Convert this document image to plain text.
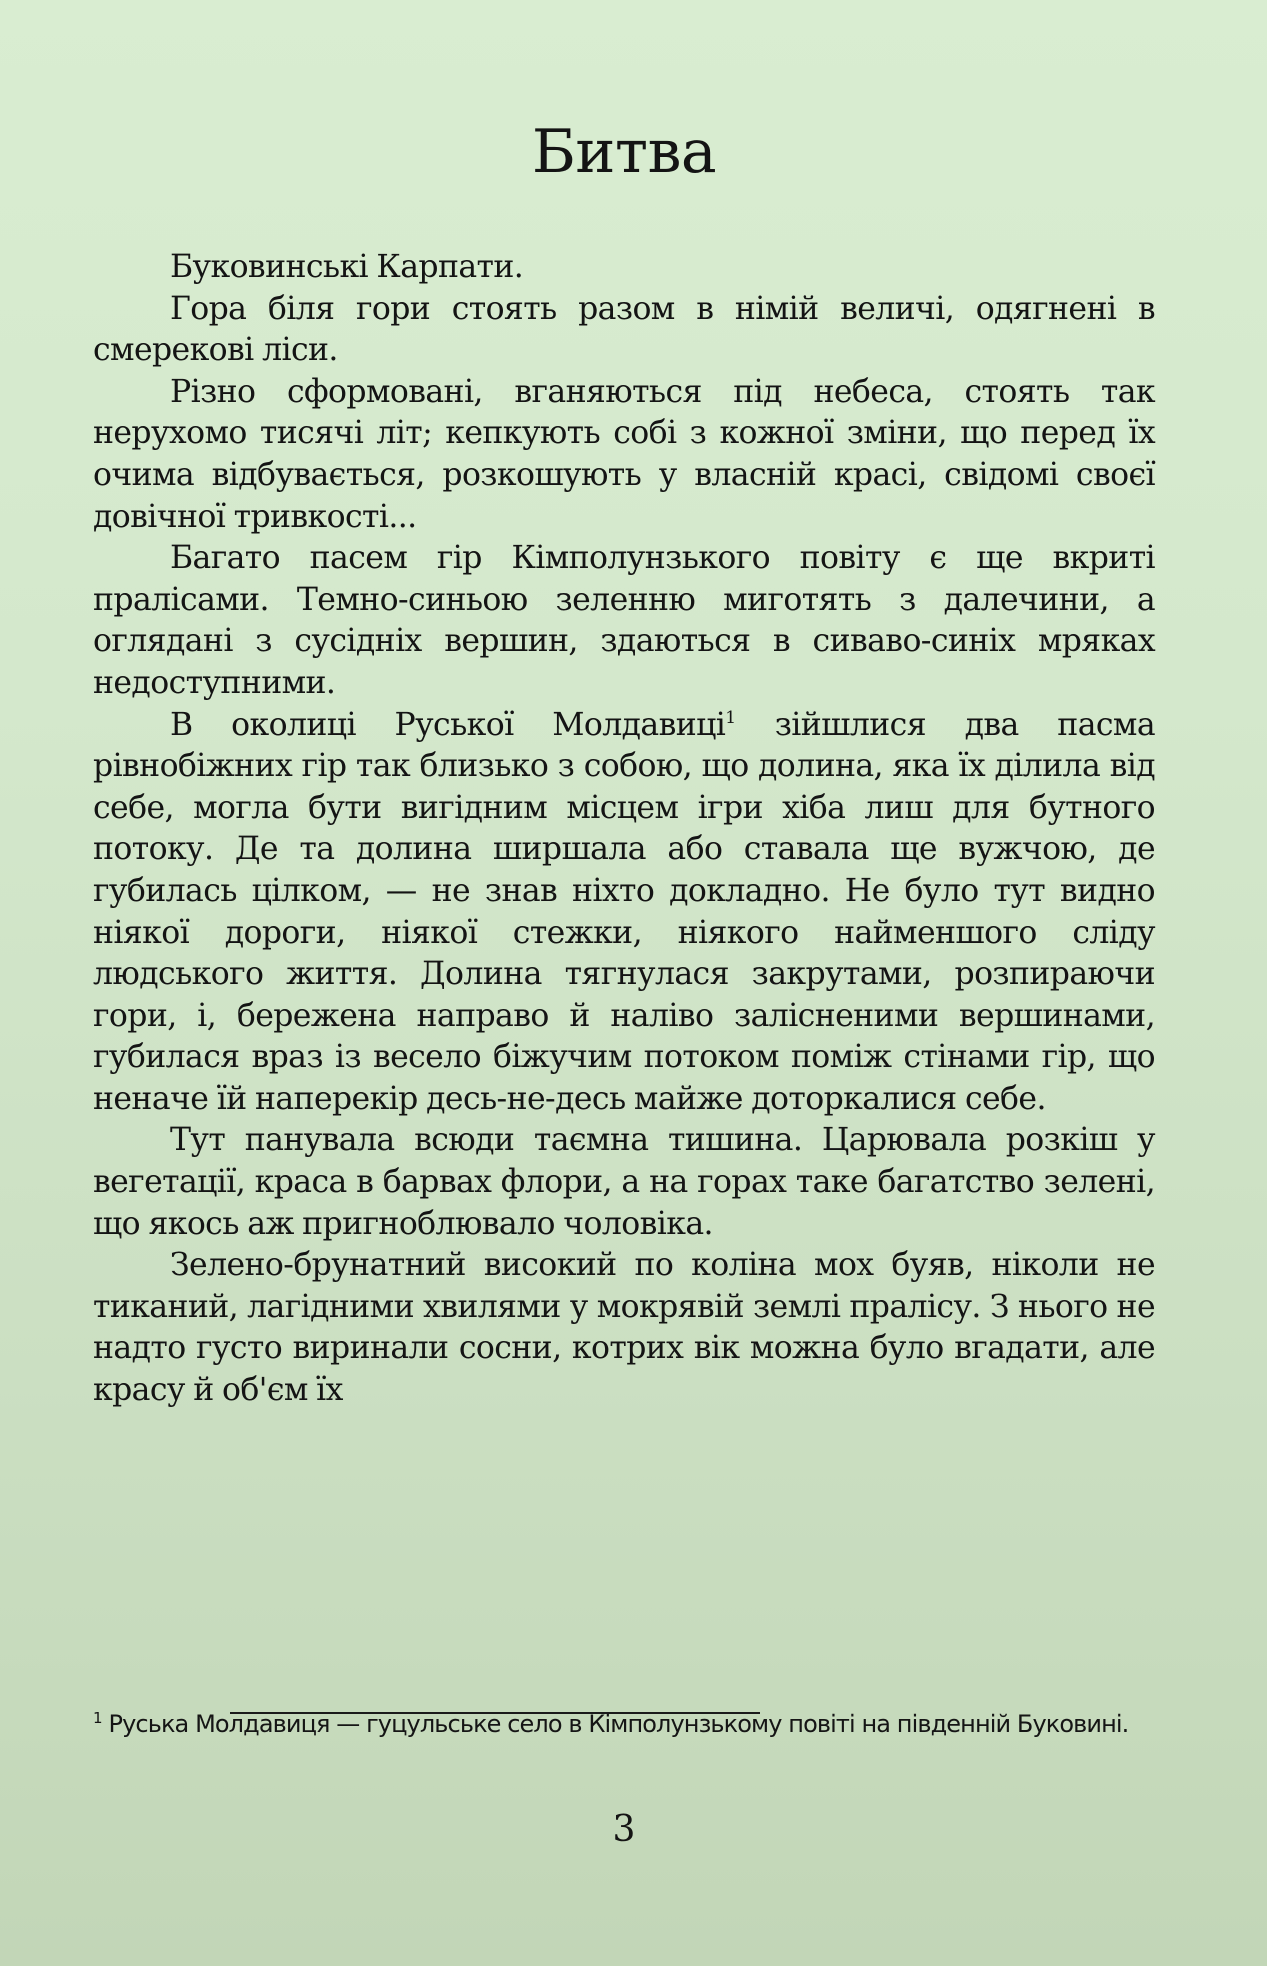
Битва

Буковинські Карпати.

Гора біля гори стоять разом в німій величі, одягнені в смерекові ліси.

Різно сформовані, вганяються під небеса, стоять так нерухомо тисячі літ; кепкують собі з кожної зміни, що перед їх очима відбувається, розкошують у власній красі, свідомі своєї довічної тривкості...

Багато пасем гір Кімполунзького повіту є ще вкриті пралісами. Темно-синьою зеленню миготять з далечини, а оглядані з сусідніх вершин, здаються в сиваво-синіх мряках недоступними.

В околиці Руської Молдавиці$^1$ зійшлися два пасма рівнобіжних гір так близько з собою, що долина, яка їх ділила від себе, могла бути вигідним місцем ігри хіба лиш для бутного потоку. Де та долина ширшала або ставала ще вужчою, де губилась цілком, — не знав ніхто докладно. Не було тут видно ніякої дороги, ніякої стежки, ніякого найменшого сліду людського життя. Долина тягнулася закрутами, розпираючи гори, і, бережена направо й наліво залісненими вершинами, губилася враз із весело біжучим потоком поміж стінами гір, що неначе їй наперекір десь-не-десь майже доторкалися себе.

Тут панувала всюди таємна тишина. Царювала розкіш у вегетації, краса в барвах флори, а на горах таке багатство зелені, що якось аж пригноблювало чоловіка.

Зелено-брунатний високий по коліна мох буяв, ніколи не тиканий, лагідними хвилями у мокрявій землі пралісу. З нього не надто густо виринали сосни, котрих вік можна було вгадати, але красу й об'єм їх

$^1$ Руська Молдавиця — гуцульське село в Кімполунзькому повіті на південній Буковині.
3
